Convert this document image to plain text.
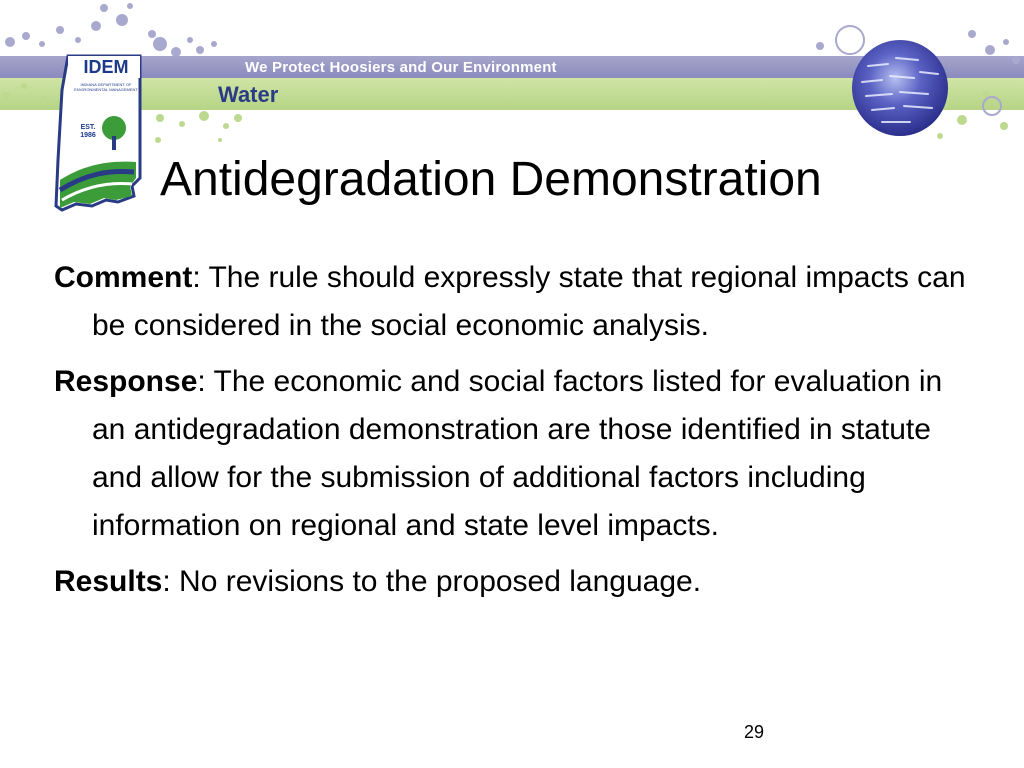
We Protect Hoosiers and Our Environment
Water
IDEM
INDIANA DEPARTMENT OF ENVIRONMENTAL MANAGEMENT
EST. 1986
Antidegradation Demonstration

Comment: The rule should expressly state that regional impacts can be considered in the social economic analysis.

Response: The economic and social factors listed for evaluation in an antidegradation demonstration are those identified in statute and allow for the submission of additional factors including information on regional and state level impacts.

Results: No revisions to the proposed language.

29
